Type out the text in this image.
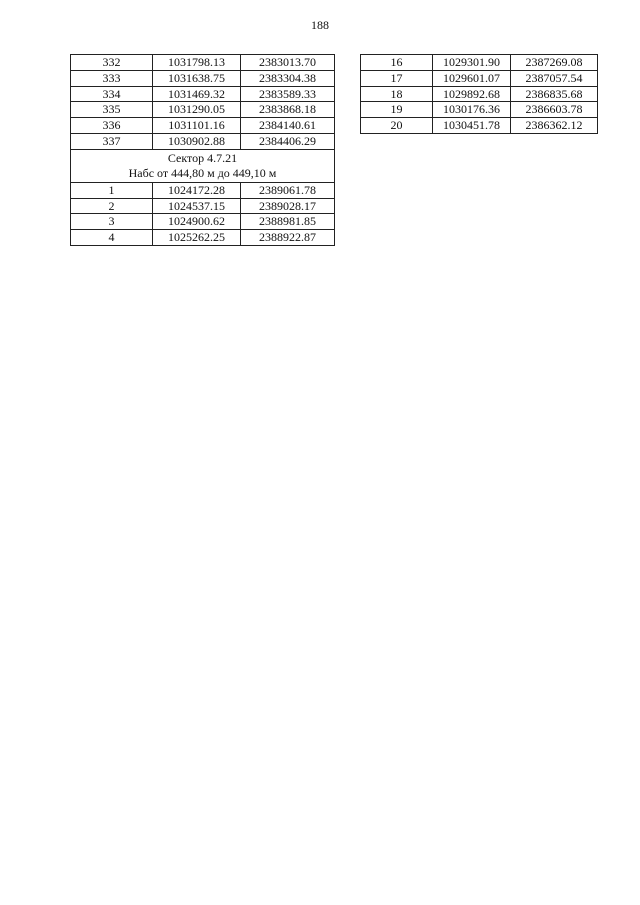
188
332	1031798.13	2383013.70
333	1031638.75	2383304.38
334	1031469.32	2383589.33
335	1031290.05	2383868.18
336	1031101.16	2384140.61
337	1030902.88	2384406.29

Сектор 4.7.21
Набс от 444,80 м до 449,10 м		

1	1024172.28	2389061.78
2	1024537.15	2389028.17
3	1024900.62	2388981.85
4	1025262.25	2388922.87
16	1029301.90	2387269.08
17	1029601.07	2387057.54
18	1029892.68	2386835.68
19	1030176.36	2386603.78
20	1030451.78	2386362.12
